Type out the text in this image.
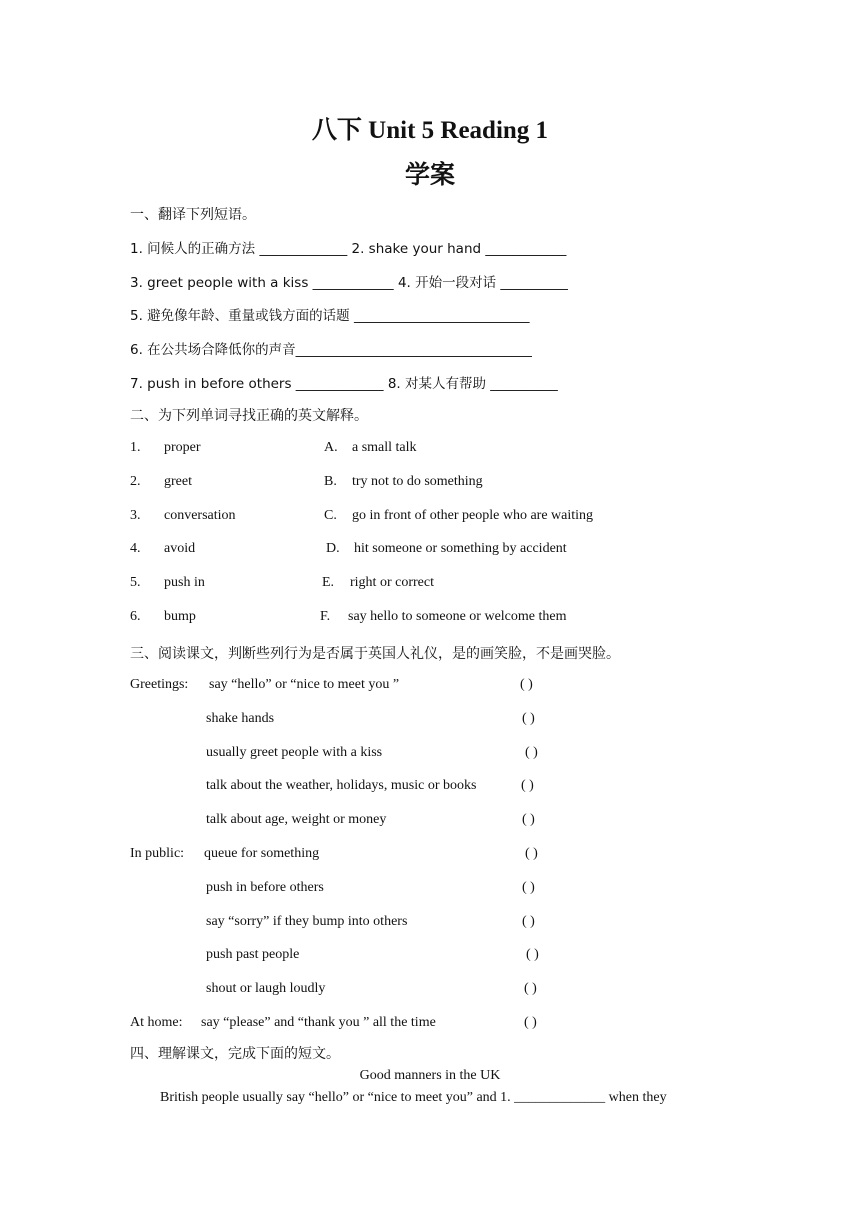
八下 Unit 5 Reading 1
学案
一、翻译下列短语。
1. 问候人的正确方法 _____________ 2. shake your hand ____________
3. greet people with a kiss ____________ 4. 开始一段对话 __________
5. 避免像年龄、重量或钱方面的话题 __________________________
6. 在公共场合降低你的声音___________________________________
7. push in before others _____________ 8. 对某人有帮助 __________
二、为下列单词寻找正确的英文解释。
1. proper	A. a small talk
2. greet	B. try not to do something
3. conversation	C. go in front of other people who are waiting
4. avoid	D. hit someone or something by accident
5. push in	E. right or correct
6. bump	F. say hello to someone or welcome them
三、阅读课文，判断些列行为是否属于英国人礼仪，是的画笑脸，不是画哭脸。
Greetings: say “hello” or “nice to meet you ”	( )
shake hands	( )
usually greet people with a kiss	( )
talk about the weather, holidays, music or books	( )
talk about age, weight or money	( )
In public: queue for something	( )
push in before others	( )
say “sorry” if they bump into others	( )
push past people	( )
shout or laugh loudly	( )
At home: say “please” and “thank you ” all the time	( )
四、理解课文，完成下面的短文。
Good manners in the UK
British people usually say “hello” or “nice to meet you” and 1. _____________ when they
